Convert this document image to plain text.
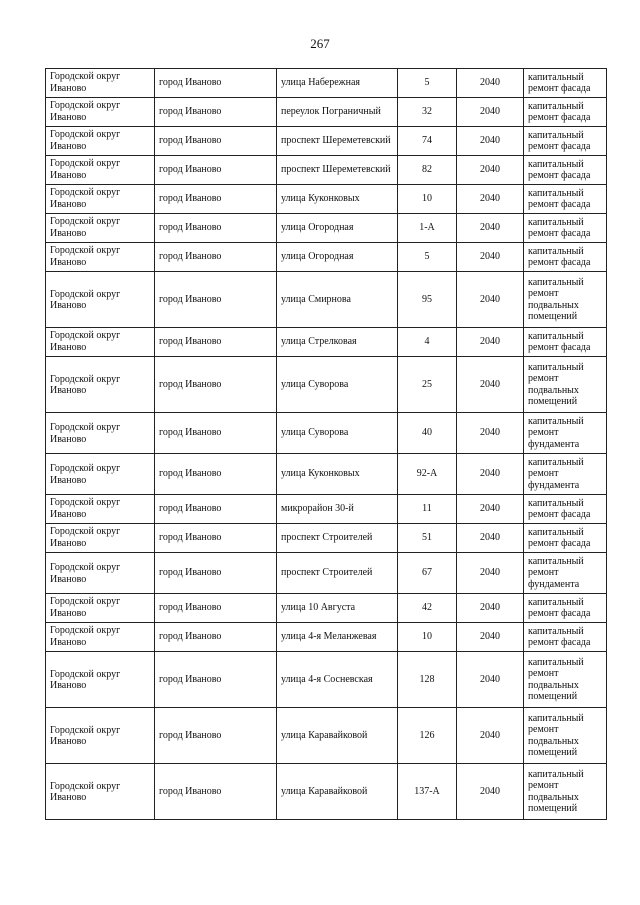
267
Городской округ Иваново	город Иваново	улица Набережная	5	2040	капитальный ремонт фасада
Городской округ Иваново	город Иваново	переулок Пограничный	32	2040	капитальный ремонт фасада
Городской округ Иваново	город Иваново	проспект Шереметевский	74	2040	капитальный ремонт фасада
Городской округ Иваново	город Иваново	проспект Шереметевский	82	2040	капитальный ремонт фасада
Городской округ Иваново	город Иваново	улица Куконковых	10	2040	капитальный ремонт фасада
Городской округ Иваново	город Иваново	улица Огородная	1-А	2040	капитальный ремонт фасада
Городской округ Иваново	город Иваново	улица Огородная	5	2040	капитальный ремонт фасада
Городской округ Иваново	город Иваново	улица Смирнова	95	2040	капитальный ремонт подвальных помещений
Городской округ Иваново	город Иваново	улица Стрелковая	4	2040	капитальный ремонт фасада
Городской округ Иваново	город Иваново	улица Суворова	25	2040	капитальный ремонт подвальных помещений
Городской округ Иваново	город Иваново	улица Суворова	40	2040	капитальный ремонт фундамента
Городской округ Иваново	город Иваново	улица Куконковых	92-А	2040	капитальный ремонт фундамента
Городской округ Иваново	город Иваново	микрорайон 30-й	11	2040	капитальный ремонт фасада
Городской округ Иваново	город Иваново	проспект Строителей	51	2040	капитальный ремонт фасада
Городской округ Иваново	город Иваново	проспект Строителей	67	2040	капитальный ремонт фундамента
Городской округ Иваново	город Иваново	улица 10 Августа	42	2040	капитальный ремонт фасада
Городской округ Иваново	город Иваново	улица 4-я Меланжевая	10	2040	капитальный ремонт фасада
Городской округ Иваново	город Иваново	улица 4-я Сосневская	128	2040	капитальный ремонт подвальных помещений
Городской округ Иваново	город Иваново	улица Каравайковой	126	2040	капитальный ремонт подвальных помещений
Городской округ Иваново	город Иваново	улица Каравайковой	137-А	2040	капитальный ремонт подвальных помещений
